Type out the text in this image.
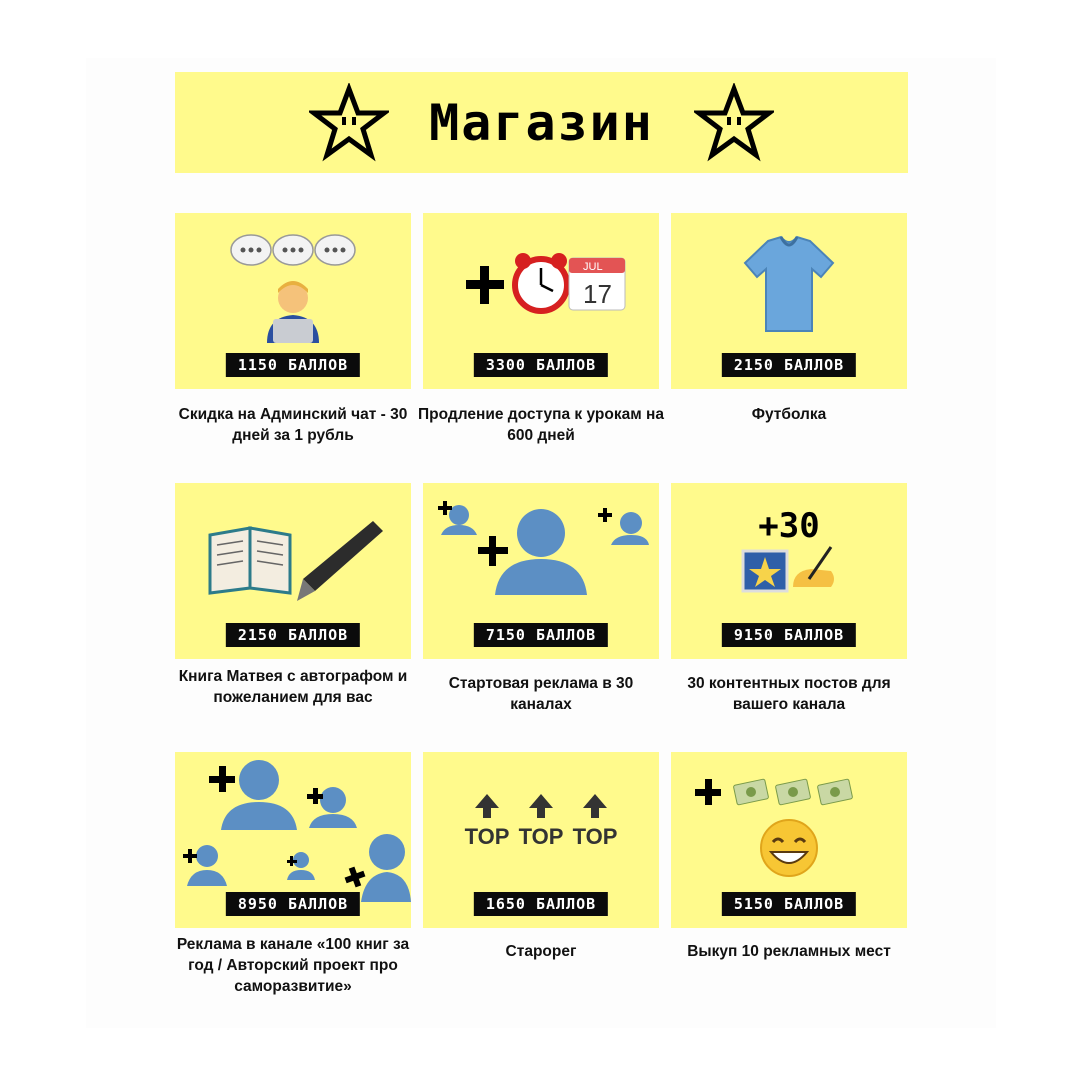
Магазин
1150 БАЛЛОВ
Скидка на Админский чат - 30 дней за 1 рубль
JUL
17
3300 БАЛЛОВ
Продление доступа к урокам на 600 дней
2150 БАЛЛОВ
Футболка
2150 БАЛЛОВ
Книга Матвея с автографом и пожеланием для вас
7150 БАЛЛОВ
Стартовая реклама в 30 каналах
+30
9150 БАЛЛОВ
30 контентных постов для вашего канала
8950 БАЛЛОВ
Реклама в канале «100 книг за год / Авторский проект про саморазвитие»
TOP TOP TOP
1650 БАЛЛОВ
Старорег
5150 БАЛЛОВ
Выкуп 10 рекламных мест
